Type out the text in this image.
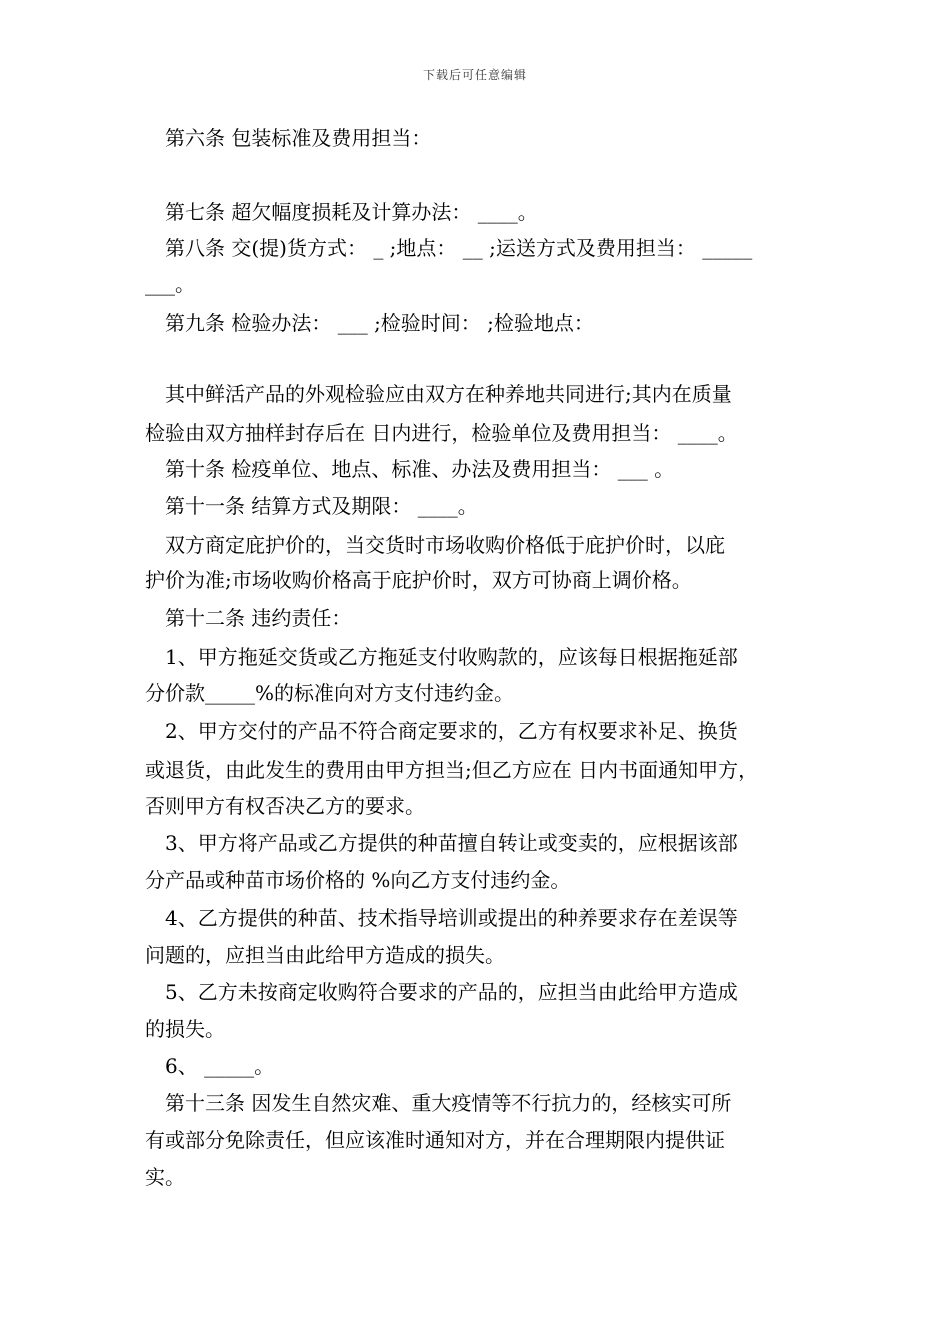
下载后可任意编辑
第六条 包装标准及费用担当：
第七条 超欠幅度损耗及计算办法： ____。
第八条 交(提)货方式： _ ;地点： __ ;运送方式及费用担当： _____
___。
第九条 检验办法： ___ ;检验时间： ;检验地点：
其中鲜活产品的外观检验应由双方在种养地共同进行;其内在质量
检验由双方抽样封存后在 日内进行，检验单位及费用担当： ____。
第十条 检疫单位、地点、标准、办法及费用担当： ___ 。
第十一条 结算方式及期限： ____。
双方商定庇护价的，当交货时市场收购价格低于庇护价时，以庇
护价为准;市场收购价格高于庇护价时，双方可协商上调价格。
第十二条 违约责任：
1、甲方拖延交货或乙方拖延支付收购款的，应该每日根据拖延部
分价款_____%的标准向对方支付违约金。
2、甲方交付的产品不符合商定要求的，乙方有权要求补足、换货
或退货，由此发生的费用由甲方担当;但乙方应在 日内书面通知甲方，
否则甲方有权否决乙方的要求。
3、甲方将产品或乙方提供的种苗擅自转让或变卖的，应根据该部
分产品或种苗市场价格的 %向乙方支付违约金。
4、乙方提供的种苗、技术指导培训或提出的种养要求存在差误等
问题的，应担当由此给甲方造成的损失。
5、乙方未按商定收购符合要求的产品的，应担当由此给甲方造成
的损失。
6、 _____。
第十三条 因发生自然灾难、重大疫情等不行抗力的，经核实可所
有或部分免除责任，但应该准时通知对方，并在合理期限内提供证
实。
